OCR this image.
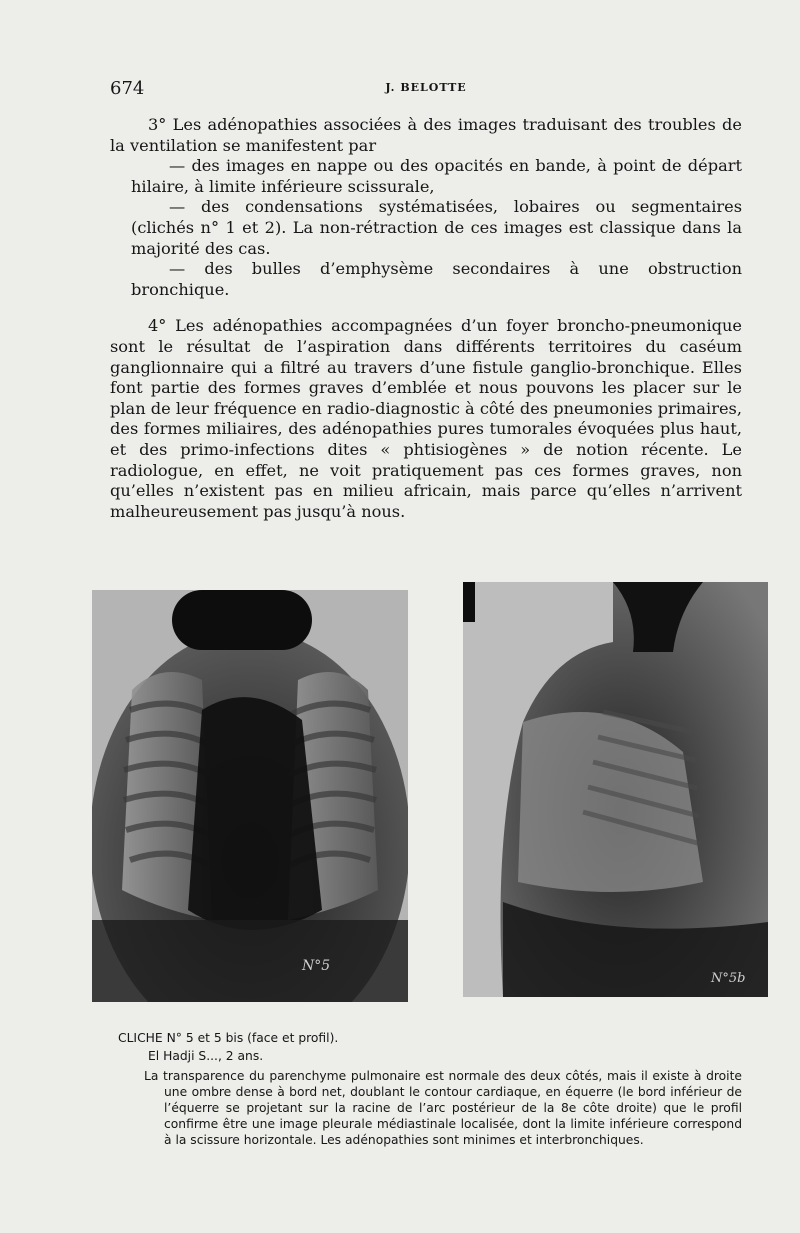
674	J. BELOTTE

3° Les adénopathies associées à des images traduisant des troubles de la ventilation se manifestent par

— des images en nappe ou des opacités en bande, à point de départ hilaire, à limite inférieure scissurale,

— des condensations systématisées, lobaires ou segmentaires (clichés n° 1 et 2). La non-rétraction de ces images est classique dans la majorité des cas.

— des bulles d’emphysème secondaires à une obstruction bronchique.

4° Les adénopathies accompagnées d’un foyer broncho-pneumonique sont le résultat de l’aspiration dans différents territoires du caséum ganglionnaire qui a filtré au travers d’une fistule ganglio-bronchique. Elles font partie des formes graves d’emblée et nous pouvons les placer sur le plan de leur fréquence en radio-diagnostic à côté des pneumonies primaires, des formes miliaires, des adénopathies pures tumorales évoquées plus haut, et des primo-infections dites « phtisiogènes » de notion récente. Le radiologue, en effet, ne voit pratiquement pas ces formes graves, non qu’elles n’existent pas en milieu africain, mais parce qu’elles n’arrivent malheureusement pas jusqu’à nous.

N°5
N°5b

CLICHE N° 5 et 5 bis (face et profil).

El Hadji S..., 2 ans.

La transparence du parenchyme pulmonaire est normale des deux côtés, mais il existe à droite une ombre dense à bord net, doublant le contour cardiaque, en équerre (le bord inférieur de l’équerre se projetant sur la racine de l’arc postérieur de la 8e côte droite) que le profil confirme être une image pleurale médiastinale localisée, dont la limite inférieure correspond à la scissure horizontale. Les adénopathies sont minimes et interbronchiques.
